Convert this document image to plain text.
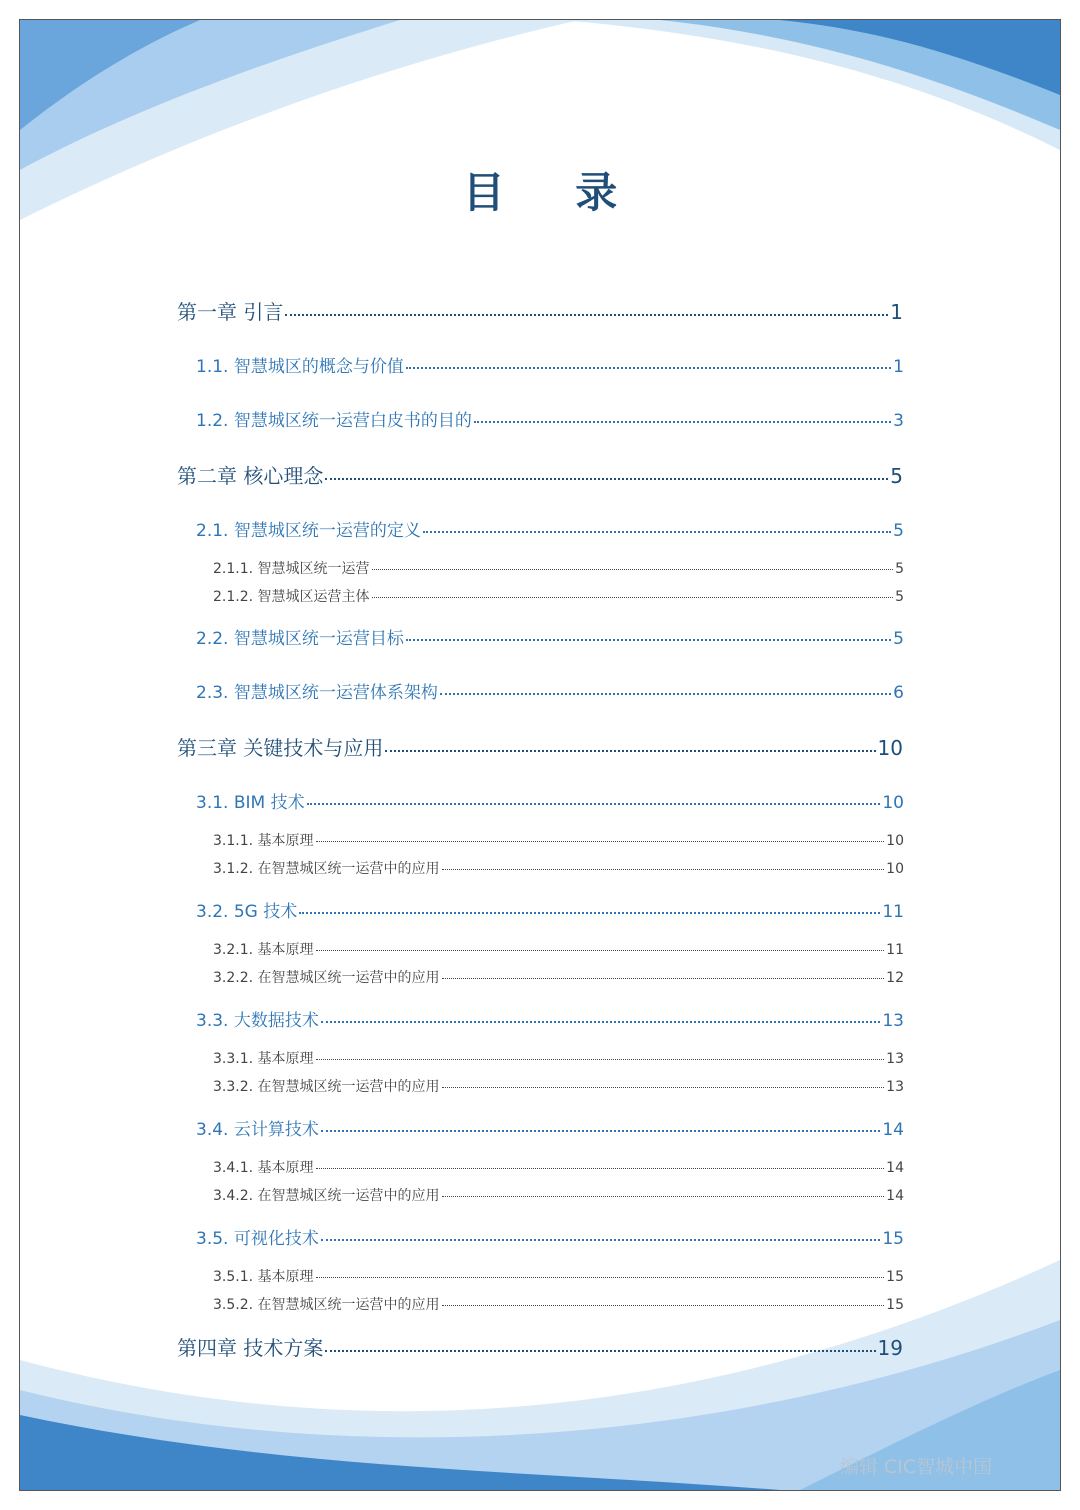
目 录
第一章 引言	1
1.1. 智慧城区的概念与价值	1
1.2. 智慧城区统一运营白皮书的目的	3
第二章 核心理念	5
2.1. 智慧城区统一运营的定义	5
2.1.1. 智慧城区统一运营	5
2.1.2. 智慧城区运营主体	5
2.2. 智慧城区统一运营目标	5
2.3. 智慧城区统一运营体系架构	6
第三章 关键技术与应用	10
3.1. BIM 技术	10
3.1.1. 基本原理	10
3.1.2. 在智慧城区统一运营中的应用	10
3.2. 5G 技术	11
3.2.1. 基本原理	11
3.2.2. 在智慧城区统一运营中的应用	12
3.3. 大数据技术	13
3.3.1. 基本原理	13
3.3.2. 在智慧城区统一运营中的应用	13
3.4. 云计算技术	14
3.4.1. 基本原理	14
3.4.2. 在智慧城区统一运营中的应用	14
3.5. 可视化技术	15
3.5.1. 基本原理	15
3.5.2. 在智慧城区统一运营中的应用	15
第四章 技术方案	19
编辑 CIC智城中国
